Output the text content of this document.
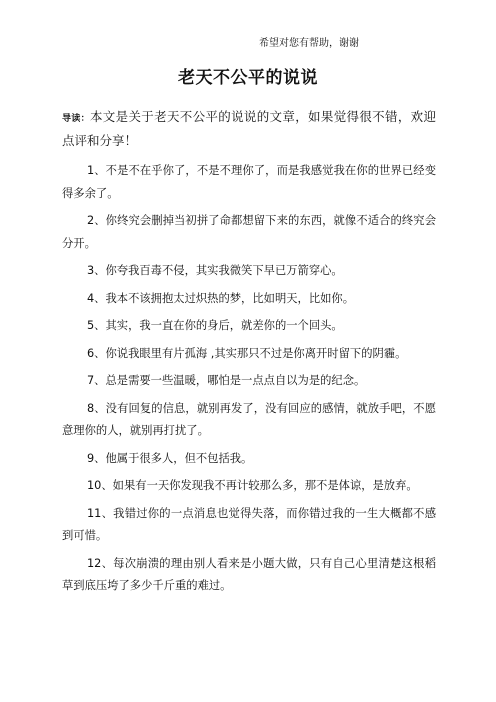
希望对您有帮助，谢谢
老天不公平的说说

导读：本文是关于老天不公平的说说的文章，如果觉得很不错，欢迎点评和分享！

1、不是不在乎你了，不是不理你了，而是我感觉我在你的世界已经变得多余了。

2、你终究会删掉当初拼了命都想留下来的东西，就像不适合的终究会分开。

3、你夸我百毒不侵，其实我微笑下早已万箭穿心。

4、我本不该拥抱太过炽热的梦，比如明天，比如你。

5、其实，我一直在你的身后，就差你的一个回头。

6、你说我眼里有片孤海 ,其实那只不过是你离开时留下的阴霾。

7、总是需要一些温暖，哪怕是一点点自以为是的纪念。

8、没有回复的信息，就别再发了，没有回应的感情，就放手吧，不愿意理你的人，就别再打扰了。

9、他属于很多人，但不包括我。

10、如果有一天你发现我不再计较那么多，那不是体谅，是放弃。

11、我错过你的一点消息也觉得失落，而你错过我的一生大概都不感到可惜。

12、每次崩溃的理由别人看来是小题大做，只有自己心里清楚这根稻草到底压垮了多少千斤重的难过。
